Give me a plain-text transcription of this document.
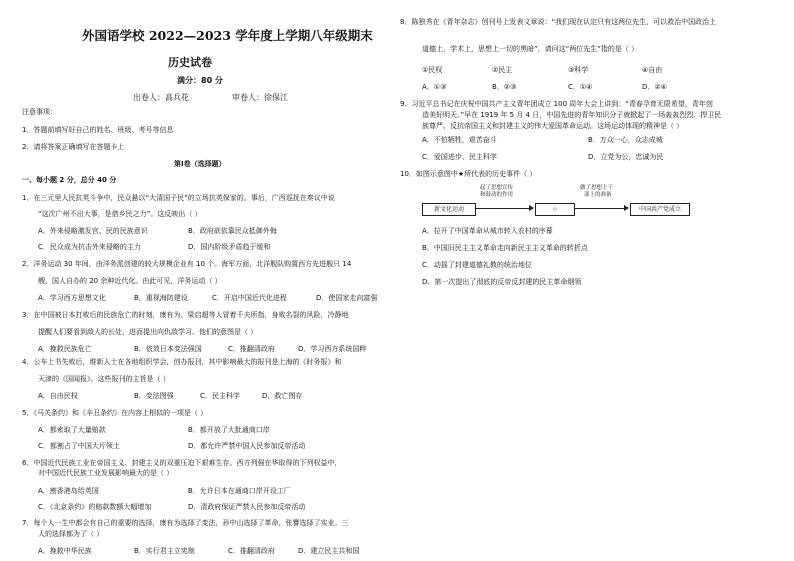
外国语学校 2022—2023 学年度上学期八年级期末
历史试卷
满分：80 分
出卷人：高兵花	审卷人：徐保江
注意事项：
1．答题前填写好自己的姓名、班级、考号等信息
2．请将答案正确填写在答题卡上
第Ⅰ卷（选择题）
一、每小题 2 分，总分 40 分
1．在三元里人民抗英斗争中，民众悬以“大清国子民”的立场抗英保家的。事后，广西巡抚在奏议中说
“这次广州不出大事，是借乡民之力”。这反映出（ ）
A．外来侵略激发官、民的民族意识	B．政府欲依靠民众抵御外侮
C．民众成为抗击外来侵略的主力	D．国内阶级矛盾趋于缓和
2．洋务运动 30 年间，由洋务派创建的较大规模企业有 10 个。海军方面，北洋舰队购置西方先进舰只 14
艘。国人自办的 20 余种近代化。由此可见，洋务运动（ ）
A．学习西方思想文化	B．重视海防建设	C．开启中国近代化进程	D．使国家走向富强
3．在中国被日本打败后的民族危亡的时刻，康有为、梁启超等人冒着千夫所指，身败名裂的风险，冷静地
提醒人们要看到敌人的长处，进而提出向仇敌学习。他们的意图是（ ）
A．挽救民族危亡	B．依效日本变法强国	C．推翻清政府	D．学习西方系统国粹
4．公车上书失败后，维新人士在各地组织学会，创办报刊，其中影响最大的报刊是上海的《时务报》和
天津的《国闻报》。这些报刊的主旨是（ ）
A．自由民权	B．变法图强	C．民主科学	D．救亡图存
5．《马关条约》和《辛丑条约》在内容上相似的一项是（ ）
A．都索取了大量赔款	B．都开放了大批通商口岸
C．都割占了中国大片领土	D．都允许严禁中国人民参加反帝活动
6．中国近代民族工业在帝国主义、封建主义的双重压迫下艰难生存。西方列强在华取得的下列权益中，
对中国近代民族工业发展影响最大的是（ ）
A．割香港岛给英国	B．允许日本在通商口岸开设工厂
C．《北京条约》的赔款数额大幅增加	D．清政府保证严禁人民参加反帝活动
7．每个人一生中都会有自己的重要的选择，康有为选择了变法，孙中山选择了革命，张謇选择了实业。三
人的选择都为了（ ）
A．挽救中华民族	B．实行君主立宪制	C．推翻清政府	D．建立民主共和国
8．陈独秀在《青年杂志》创刊号上发表文章说：“我们现在认定只有这两位先生，可以救治中国政治上
道德上，学术上，思想上一切的黑暗”，请问这“两位先生”指的是（ ）
①民权	②民主	③科学	④自由
A．①③	B．②③	C．①④	D．②④
9．习近平总书记在庆祝中国共产主义青年团成立 100 周年大会上讲到：“青春孕育无限希望，青年创
造美好明天。”早在 1919 年 5 月 4 日，中国先进的青年知识分子就掀起了一场轰轰烈烈、捍卫民
族尊严、反抗帝国主义和封建主义的伟大爱国革命运动。这场运动体现的精神是（ ）
A．不怕牺牲，艰苦奋斗	B．万众一心，众志成城
C．爱国进步、民主科学	D．立党为公，忠诚为民
10．如图示意图中★所代表的历史事件（ ）
新文化运动
起了思想宣传
和鼓动的作用
☆
做了思想上干
部上的准备
中国共产党成立
A．拉开了中国革命从城市转入农村的序幕
B．中国旧民主主义革命走向新民主主义革命的转折点
C．动摇了封建道德礼教的统治地位
D．第一次提出了彻底的反帝反封建的民主革命纲领
